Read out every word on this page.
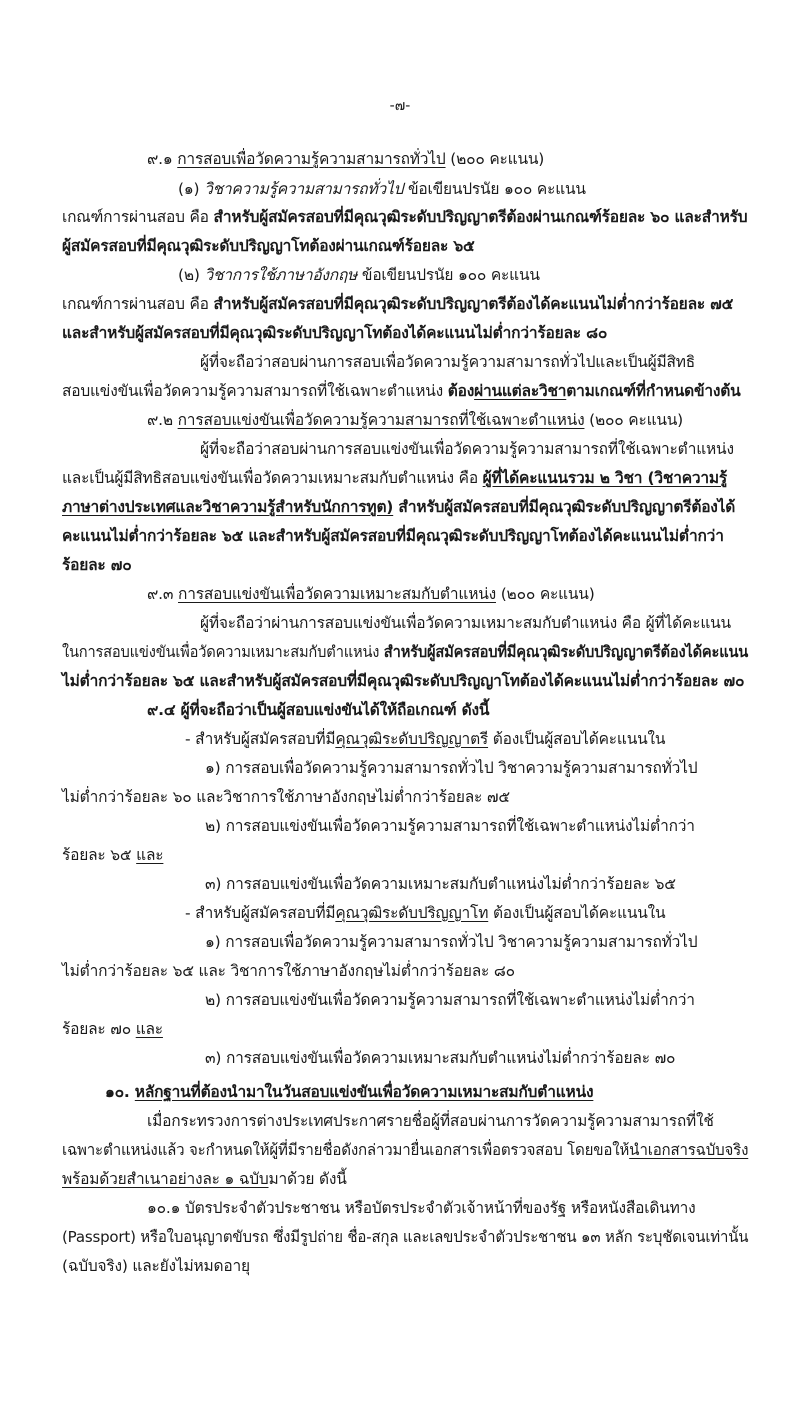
-๗-
๙.๑ การสอบเพื่อวัดความรู้ความสามารถทั่วไป (๒๐๐ คะแนน)
(๑) วิชาความรู้ความสามารถทั่วไป ข้อเขียนปรนัย ๑๐๐ คะแนน
เกณฑ์การผ่านสอบ คือ สำหรับผู้สมัครสอบที่มีคุณวุฒิระดับปริญญาตรีต้องผ่านเกณฑ์ร้อยละ ๖๐ และสำหรับ
ผู้สมัครสอบที่มีคุณวุฒิระดับปริญญาโทต้องผ่านเกณฑ์ร้อยละ ๖๕
(๒) วิชาการใช้ภาษาอังกฤษ ข้อเขียนปรนัย ๑๐๐ คะแนน
เกณฑ์การผ่านสอบ คือ สำหรับผู้สมัครสอบที่มีคุณวุฒิระดับปริญญาตรีต้องได้คะแนนไม่ต่ำกว่าร้อยละ ๗๕
และสำหรับผู้สมัครสอบที่มีคุณวุฒิระดับปริญญาโทต้องได้คะแนนไม่ต่ำกว่าร้อยละ ๘๐
ผู้ที่จะถือว่าสอบผ่านการสอบเพื่อวัดความรู้ความสามารถทั่วไปและเป็นผู้มีสิทธิ
สอบแข่งขันเพื่อวัดความรู้ความสามารถที่ใช้เฉพาะตำแหน่ง ต้องผ่านแต่ละวิชาตามเกณฑ์ที่กำหนดข้างต้น
๙.๒ การสอบแข่งขันเพื่อวัดความรู้ความสามารถที่ใช้เฉพาะตำแหน่ง (๒๐๐ คะแนน)
ผู้ที่จะถือว่าสอบผ่านการสอบแข่งขันเพื่อวัดความรู้ความสามารถที่ใช้เฉพาะตำแหน่ง
และเป็นผู้มีสิทธิสอบแข่งขันเพื่อวัดความเหมาะสมกับตำแหน่ง คือ ผู้ที่ได้คะแนนรวม ๒ วิชา (วิชาความรู้
ภาษาต่างประเทศและวิชาความรู้สำหรับนักการทูต) สำหรับผู้สมัครสอบที่มีคุณวุฒิระดับปริญญาตรีต้องได้
คะแนนไม่ต่ำกว่าร้อยละ ๖๕ และสำหรับผู้สมัครสอบที่มีคุณวุฒิระดับปริญญาโทต้องได้คะแนนไม่ต่ำกว่า
ร้อยละ ๗๐
๙.๓ การสอบแข่งขันเพื่อวัดความเหมาะสมกับตำแหน่ง (๒๐๐ คะแนน)
ผู้ที่จะถือว่าผ่านการสอบแข่งขันเพื่อวัดความเหมาะสมกับตำแหน่ง คือ ผู้ที่ได้คะแนน
ในการสอบแข่งขันเพื่อวัดความเหมาะสมกับตำแหน่ง สำหรับผู้สมัครสอบที่มีคุณวุฒิระดับปริญญาตรีต้องได้คะแนน
ไม่ต่ำกว่าร้อยละ ๖๕ และสำหรับผู้สมัครสอบที่มีคุณวุฒิระดับปริญญาโทต้องได้คะแนนไม่ต่ำกว่าร้อยละ ๗๐
๙.๔ ผู้ที่จะถือว่าเป็นผู้สอบแข่งขันได้ให้ถือเกณฑ์ ดังนี้
- สำหรับผู้สมัครสอบที่มีคุณวุฒิระดับปริญญาตรี ต้องเป็นผู้สอบได้คะแนนใน
๑) การสอบเพื่อวัดความรู้ความสามารถทั่วไป วิชาความรู้ความสามารถทั่วไป
ไม่ต่ำกว่าร้อยละ ๖๐ และวิชาการใช้ภาษาอังกฤษไม่ต่ำกว่าร้อยละ ๗๕
๒) การสอบแข่งขันเพื่อวัดความรู้ความสามารถที่ใช้เฉพาะตำแหน่งไม่ต่ำกว่า
ร้อยละ ๖๕ และ
๓) การสอบแข่งขันเพื่อวัดความเหมาะสมกับตำแหน่งไม่ต่ำกว่าร้อยละ ๖๕
- สำหรับผู้สมัครสอบที่มีคุณวุฒิระดับปริญญาโท ต้องเป็นผู้สอบได้คะแนนใน
๑) การสอบเพื่อวัดความรู้ความสามารถทั่วไป วิชาความรู้ความสามารถทั่วไป
ไม่ต่ำกว่าร้อยละ ๖๕ และ วิชาการใช้ภาษาอังกฤษไม่ต่ำกว่าร้อยละ ๘๐
๒) การสอบแข่งขันเพื่อวัดความรู้ความสามารถที่ใช้เฉพาะตำแหน่งไม่ต่ำกว่า
ร้อยละ ๗๐ และ
๓) การสอบแข่งขันเพื่อวัดความเหมาะสมกับตำแหน่งไม่ต่ำกว่าร้อยละ ๗๐
๑๐. หลักฐานที่ต้องนำมาในวันสอบแข่งขันเพื่อวัดความเหมาะสมกับตำแหน่ง
เมื่อกระทรวงการต่างประเทศประกาศรายชื่อผู้ที่สอบผ่านการวัดความรู้ความสามารถที่ใช้
เฉพาะตำแหน่งแล้ว จะกำหนดให้ผู้ที่มีรายชื่อดังกล่าวมายื่นเอกสารเพื่อตรวจสอบ โดยขอให้นำเอกสารฉบับจริง
พร้อมด้วยสำเนาอย่างละ ๑ ฉบับมาด้วย ดังนี้
๑๐.๑ บัตรประจำตัวประชาชน หรือบัตรประจำตัวเจ้าหน้าที่ของรัฐ หรือหนังสือเดินทาง
(Passport) หรือใบอนุญาตขับรถ ซึ่งมีรูปถ่าย ชื่อ-สกุล และเลขประจำตัวประชาชน ๑๓ หลัก ระบุชัดเจนเท่านั้น
(ฉบับจริง) และยังไม่หมดอายุ
